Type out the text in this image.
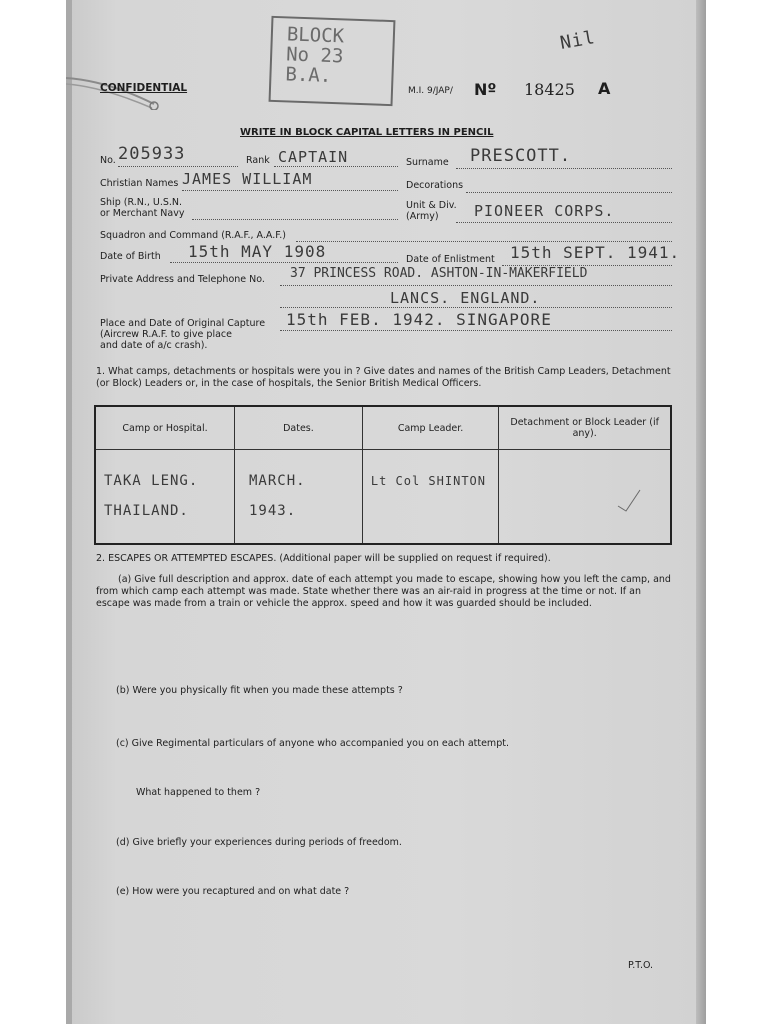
CONFIDENTIAL
BLOCK
No 23
B.A.
Nil
M.I. 9/JAP/ Nº 18425 A
WRITE IN BLOCK CAPITAL LETTERS IN PENCIL
No. 205933	Rank CAPTAIN	Surname PRESCOTT.
Christian Names JAMES WILLIAM	Decorations
Ship (R.N., U.S.N.
or Merchant Navy
Unit & Div.
(Army) PIONEER CORPS.
Squadron and Command (R.A.F., A.A.F.)
Date of Birth 15th MAY 1908	Date of Enlistment 15th SEPT. 1941.
Private Address and Telephone No. 37 PRINCESS ROAD. ASHTON-IN-MAKERFIELD
LANCS. ENGLAND.
Place and Date of Original Capture
(Aircrew R.A.F. to give place
and date of a/c crash).
15th FEB. 1942. SINGAPORE
1. What camps, detachments or hospitals were you in ? Give dates and names of the British Camp Leaders, Detachment (or Block) Leaders or, in the case of hospitals, the Senior British Medical Officers.
Camp or Hospital.	Dates.	Camp Leader.	Detachment or Block Leader (if any).
TAKA LENG. THAILAND.	MARCH. 1943.	Lt Col SHINTON	
2. ESCAPES OR ATTEMPTED ESCAPES. (Additional paper will be supplied on request if required).
(a) Give full description and approx. date of each attempt you made to escape, showing how you left the camp, and from which camp each attempt was made. State whether there was an air-raid in progress at the time or not. If an escape was made from a train or vehicle the approx. speed and how it was guarded should be included.
(b) Were you physically fit when you made these attempts ?
(c) Give Regimental particulars of anyone who accompanied you on each attempt.
What happened to them ?
(d) Give briefly your experiences during periods of freedom.
(e) How were you recaptured and on what date ?
P.T.O.
